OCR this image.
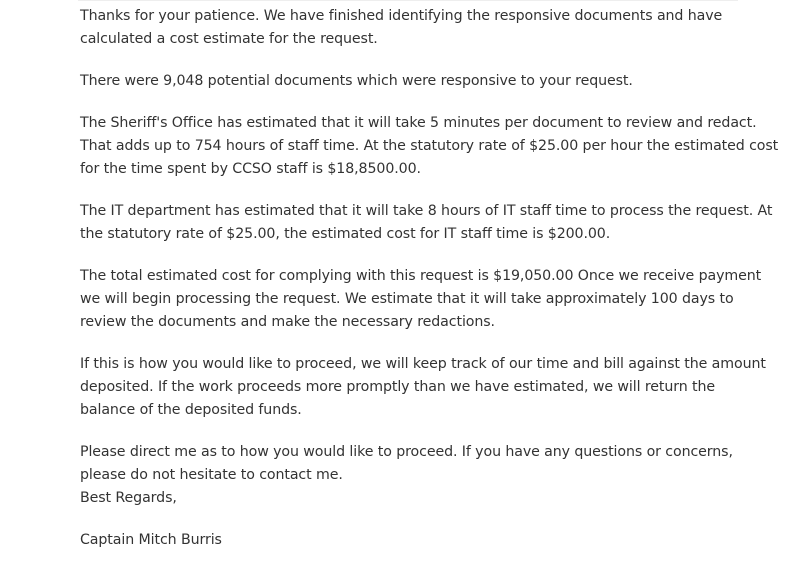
Thanks for your patience. We have finished identifying the responsive documents and have
calculated a cost estimate for the request.

There were 9,048 potential documents which were responsive to your request.

The Sheriff's Office has estimated that it will take 5 minutes per document to review and redact.
That adds up to 754 hours of staff time. At the statutory rate of $25.00 per hour the estimated cost
for the time spent by CCSO staff is $18,8500.00.

The IT department has estimated that it will take 8 hours of IT staff time to process the request. At
the statutory rate of $25.00, the estimated cost for IT staff time is $200.00.

The total estimated cost for complying with this request is $19,050.00 Once we receive payment
we will begin processing the request. We estimate that it will take approximately 100 days to
review the documents and make the necessary redactions.

If this is how you would like to proceed, we will keep track of our time and bill against the amount
deposited. If the work proceeds more promptly than we have estimated, we will return the
balance of the deposited funds.

Please direct me as to how you would like to proceed. If you have any questions or concerns,
please do not hesitate to contact me.
Best Regards,

Captain Mitch Burris
